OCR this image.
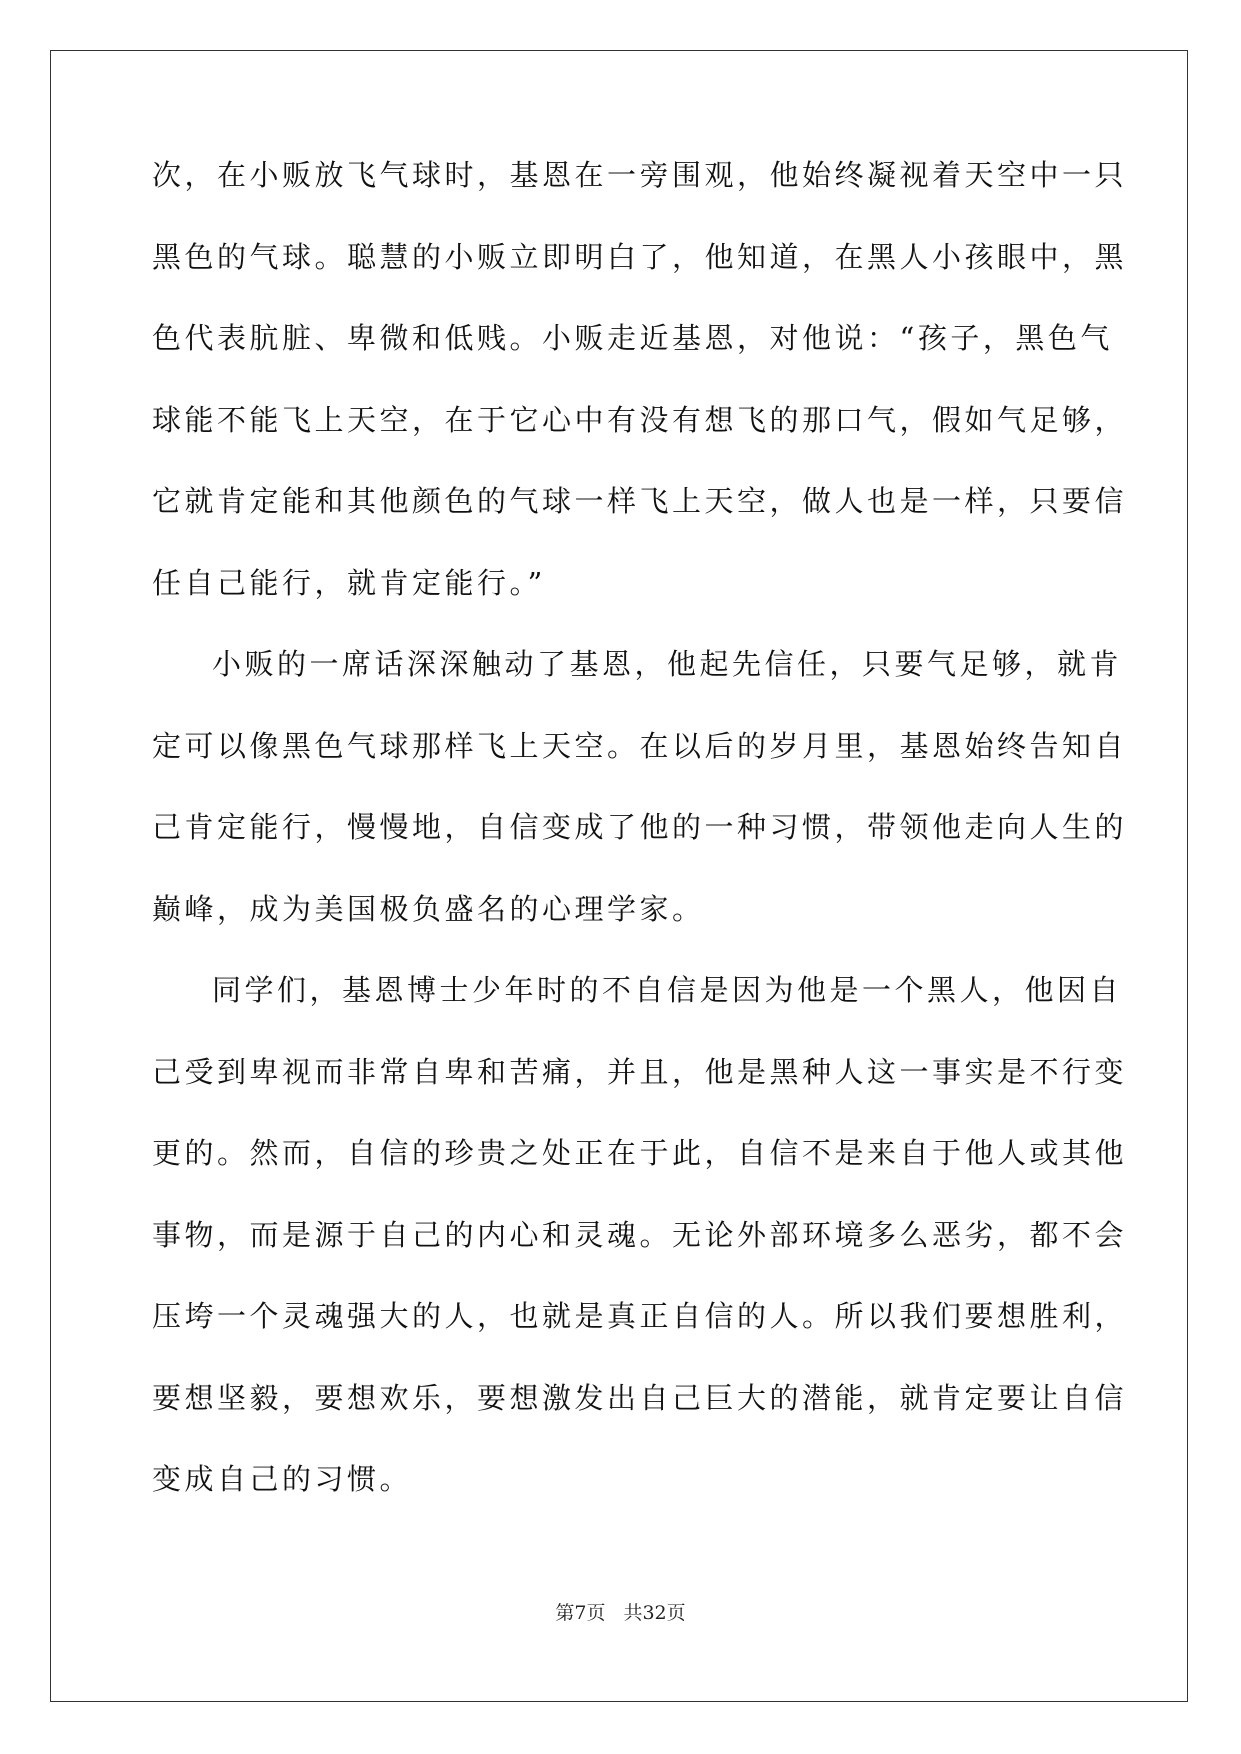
次，在小贩放飞气球时，基恩在一旁围观，他始终凝视着天空中一只
黑色的气球。聪慧的小贩立即明白了，他知道，在黑人小孩眼中，黑
色代表肮脏、卑微和低贱。小贩走近基恩，对他说：“孩子，黑色气
球能不能飞上天空，在于它心中有没有想飞的那口气，假如气足够，
它就肯定能和其他颜色的气球一样飞上天空，做人也是一样，只要信
任自己能行，就肯定能行。”
小贩的一席话深深触动了基恩，他起先信任，只要气足够，就肯
定可以像黑色气球那样飞上天空。在以后的岁月里，基恩始终告知自
己肯定能行，慢慢地，自信变成了他的一种习惯，带领他走向人生的
巅峰，成为美国极负盛名的心理学家。
同学们，基恩博士少年时的不自信是因为他是一个黑人，他因自
己受到卑视而非常自卑和苦痛，并且，他是黑种人这一事实是不行变
更的。然而，自信的珍贵之处正在于此，自信不是来自于他人或其他
事物，而是源于自己的内心和灵魂。无论外部环境多么恶劣，都不会
压垮一个灵魂强大的人，也就是真正自信的人。所以我们要想胜利，
要想坚毅，要想欢乐，要想激发出自己巨大的潜能，就肯定要让自信
变成自己的习惯。
第7页 共32页
